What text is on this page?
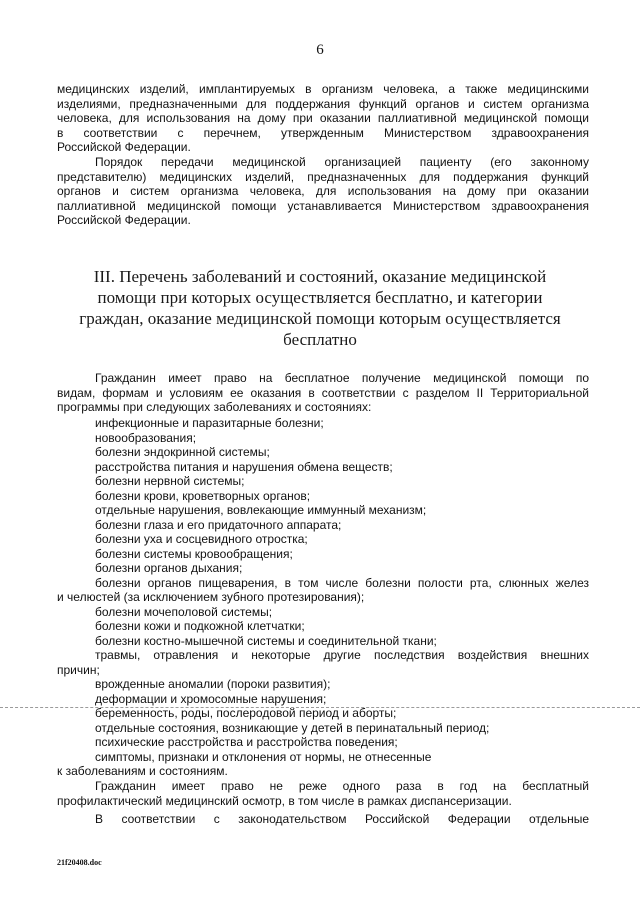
6
медицинских изделий, имплантируемых в организм человека, а также медицинскими
изделиями, предназначенными для поддержания функций органов и систем организма
человека, для использования на дому при оказании паллиативной медицинской помощи
в соответствии с перечнем, утвержденным Министерством здравоохранения
Российской Федерации.
Порядок передачи медицинской организацией пациенту (его законному
представителю) медицинских изделий, предназначенных для поддержания функций
органов и систем организма человека, для использования на дому при оказании
паллиативной медицинской помощи устанавливается Министерством здравоохранения
Российской Федерации.
III. Перечень заболеваний и состояний, оказание медицинской
помощи при которых осуществляется бесплатно, и категории
граждан, оказание медицинской помощи которым осуществляется
бесплатно
Гражданин имеет право на бесплатное получение медицинской помощи по
видам, формам и условиям ее оказания в соответствии с разделом II Территориальной
программы при следующих заболеваниях и состояниях:
инфекционные и паразитарные болезни;
новообразования;
болезни эндокринной системы;
расстройства питания и нарушения обмена веществ;
болезни нервной системы;
болезни крови, кроветворных органов;
отдельные нарушения, вовлекающие иммунный механизм;
болезни глаза и его придаточного аппарата;
болезни уха и сосцевидного отростка;
болезни системы кровообращения;
болезни органов дыхания;
болезни органов пищеварения, в том числе болезни полости рта, слюнных желез
и челюстей (за исключением зубного протезирования);
болезни мочеполовой системы;
болезни кожи и подкожной клетчатки;
болезни костно-мышечной системы и соединительной ткани;
травмы, отравления и некоторые другие последствия воздействия внешних
причин;
врожденные аномалии (пороки развития);
деформации и хромосомные нарушения;
беременность, роды, послеродовой период и аборты;
отдельные состояния, возникающие у детей в перинатальный период;
психические расстройства и расстройства поведения;
симптомы, признаки и отклонения от нормы, не отнесенные
к заболеваниям и состояниям.
Гражданин имеет право не реже одного раза в год на бесплатный
профилактический медицинский осмотр, в том числе в рамках диспансеризации.
В соответствии с законодательством Российской Федерации отдельные
21f20408.doc
